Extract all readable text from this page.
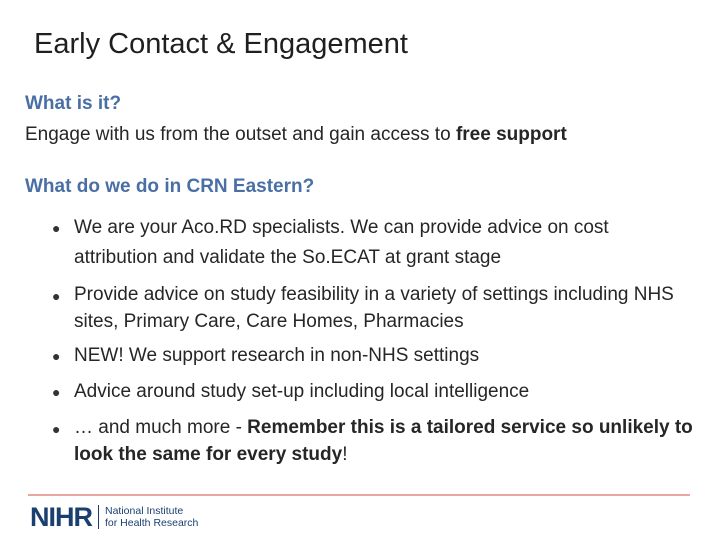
Early Contact & Engagement
What is it?
Engage with us from the outset and gain access to free support
What do we do in CRN Eastern?
● We are your Aco.RD specialists. We can provide advice on cost attribution and validate the So.ECAT at grant stage
● Provide advice on study feasibility in a variety of settings including NHS sites, Primary Care, Care Homes, Pharmacies
● NEW! We support research in non-NHS settings
● Advice around study set-up including local intelligence
● … and much more - Remember this is a tailored service so unlikely to look the same for every study!
NIHR National Institute
for Health Research
